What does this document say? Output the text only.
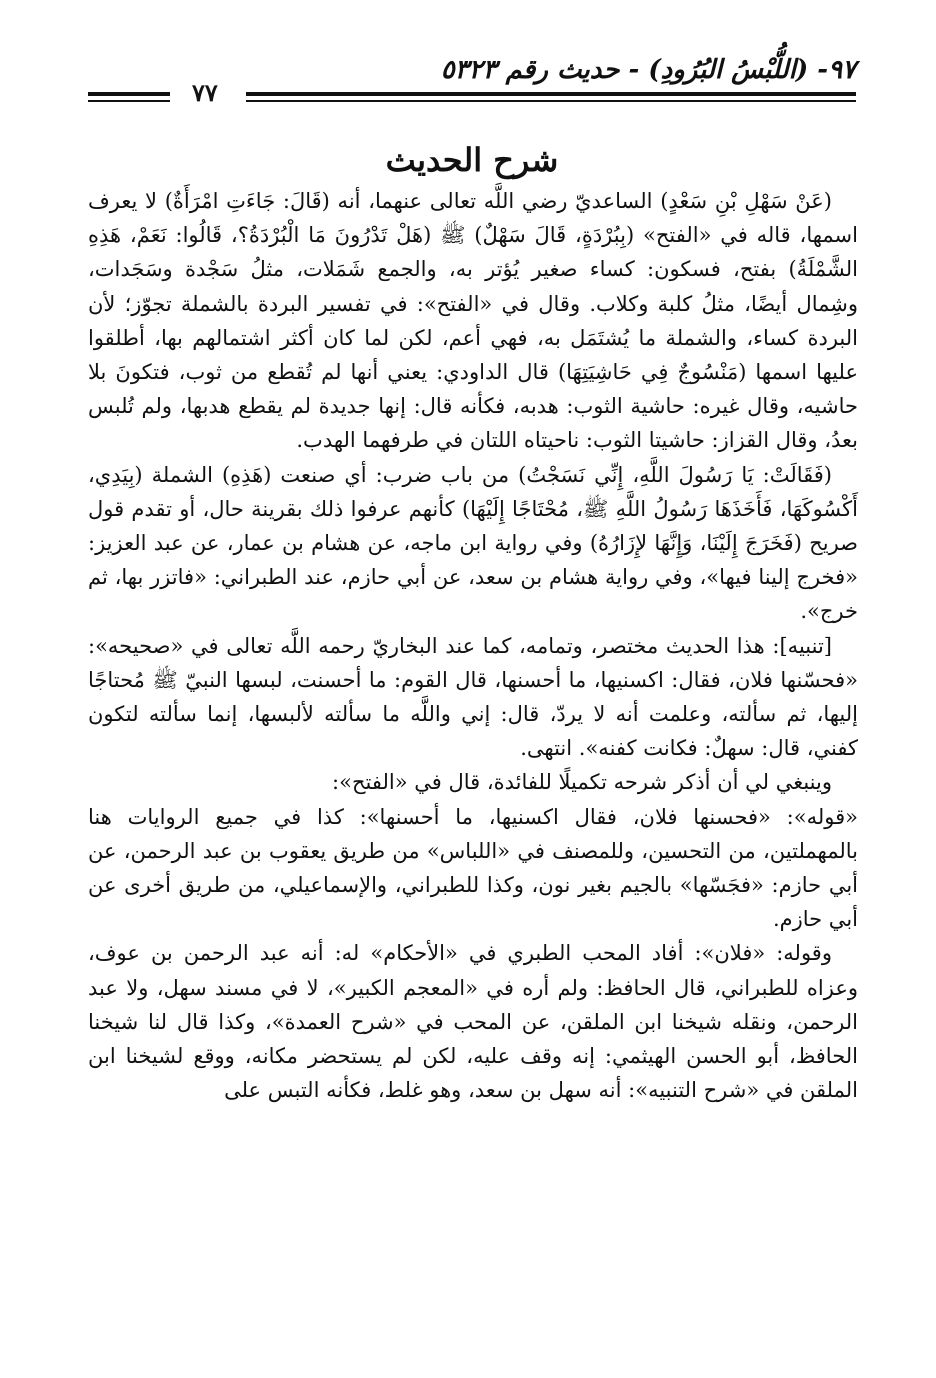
٩٧- (اللُّبْسُ البُرُودِ) - حديث رقم ٥٣٢٣
٧٧
شرح الحديث

(عَنْ سَهْلِ بْنِ سَعْدٍ) الساعديّ رضي اللَّه تعالى عنهما، أنه (قَالَ: جَاءَتِ امْرَأَةٌ) لا يعرف اسمها، قاله في «الفتح» (بِبُرْدَةٍ، قَالَ سَهْلٌ) ﷺ (هَلْ تَدْرُونَ مَا الْبُرْدَةُ؟، قَالُوا: نَعَمْ، هَذِهِ الشَّمْلَةُ) بفتح، فسكون: كساء صغير يُؤتر به، والجمع شَمَلات، مثلُ سَجْدة وسَجَدات، وشِمال أيضًا، مثلُ كلبة وكلاب. وقال في «الفتح»: في تفسير البردة بالشملة تجوّز؛ لأن البردة كساء، والشملة ما يُشتَمَل به، فهي أعم، لكن لما كان أكثر اشتمالهم بها، أطلقوا عليها اسمها (مَنْسُوجٌ فِي حَاشِيَتِهَا) قال الداودي: يعني أنها لم تُقطع من ثوب، فتكونَ بلا حاشيه، وقال غيره: حاشية الثوب: هدبه، فكأنه قال: إنها جديدة لم يقطع هدبها، ولم تُلبس بعدُ، وقال القزاز: حاشيتا الثوب: ناحيتاه اللتان في طرفهما الهدب.

(فَقَالَتْ: يَا رَسُولَ اللَّهِ، إِنِّي نَسَجْتُ) من باب ضرب: أي صنعت (هَذِهِ) الشملة (بِيَدِي، أَكْسُوكَهَا، فَأَخَذَهَا رَسُولُ اللَّهِ ﷺ، مُحْتَاجًا إِلَيْهَا) كأنهم عرفوا ذلك بقرينة حال، أو تقدم قول صريح (فَخَرَجَ إِلَيْنَا، وَإِنَّهَا لإِزَارُهُ) وفي رواية ابن ماجه، عن هشام بن عمار، عن عبد العزيز: «فخرج إلينا فيها»، وفي رواية هشام بن سعد، عن أبي حازم، عند الطبراني: «فاتزر بها، ثم خرج».

[تنبيه]: هذا الحديث مختصر، وتمامه، كما عند البخاريّ رحمه اللَّه تعالى في «صحيحه»: «فحسّنها فلان، فقال: اكسنيها، ما أحسنها، قال القوم: ما أحسنت، لبسها النبيّ ﷺ مُحتاجًا إليها، ثم سألته، وعلمت أنه لا يردّ، قال: إني واللَّه ما سألته لألبسها، إنما سألته لتكون كفني، قال: سهلٌ: فكانت كفنه». انتهى.

وينبغي لي أن أذكر شرحه تكميلًا للفائدة، قال في «الفتح»:

«قوله»: «فحسنها فلان، فقال اكسنيها، ما أحسنها»: كذا في جميع الروايات هنا بالمهملتين، من التحسين، وللمصنف في «اللباس» من طريق يعقوب بن عبد الرحمن، عن أبي حازم: «فجَسّها» بالجيم بغير نون، وكذا للطبراني، والإسماعيلي، من طريق أخرى عن أبي حازم.

وقوله: «فلان»: أفاد المحب الطبري في «الأحكام» له: أنه عبد الرحمن بن عوف، وعزاه للطبراني، قال الحافظ: ولم أره في «المعجم الكبير»، لا في مسند سهل، ولا عبد الرحمن، ونقله شيخنا ابن الملقن، عن المحب في «شرح العمدة»، وكذا قال لنا شيخنا الحافظ، أبو الحسن الهيثمي: إنه وقف عليه، لكن لم يستحضر مكانه، ووقع لشيخنا ابن الملقن في «شرح التنبيه»: أنه سهل بن سعد، وهو غلط، فكأنه التبس على
